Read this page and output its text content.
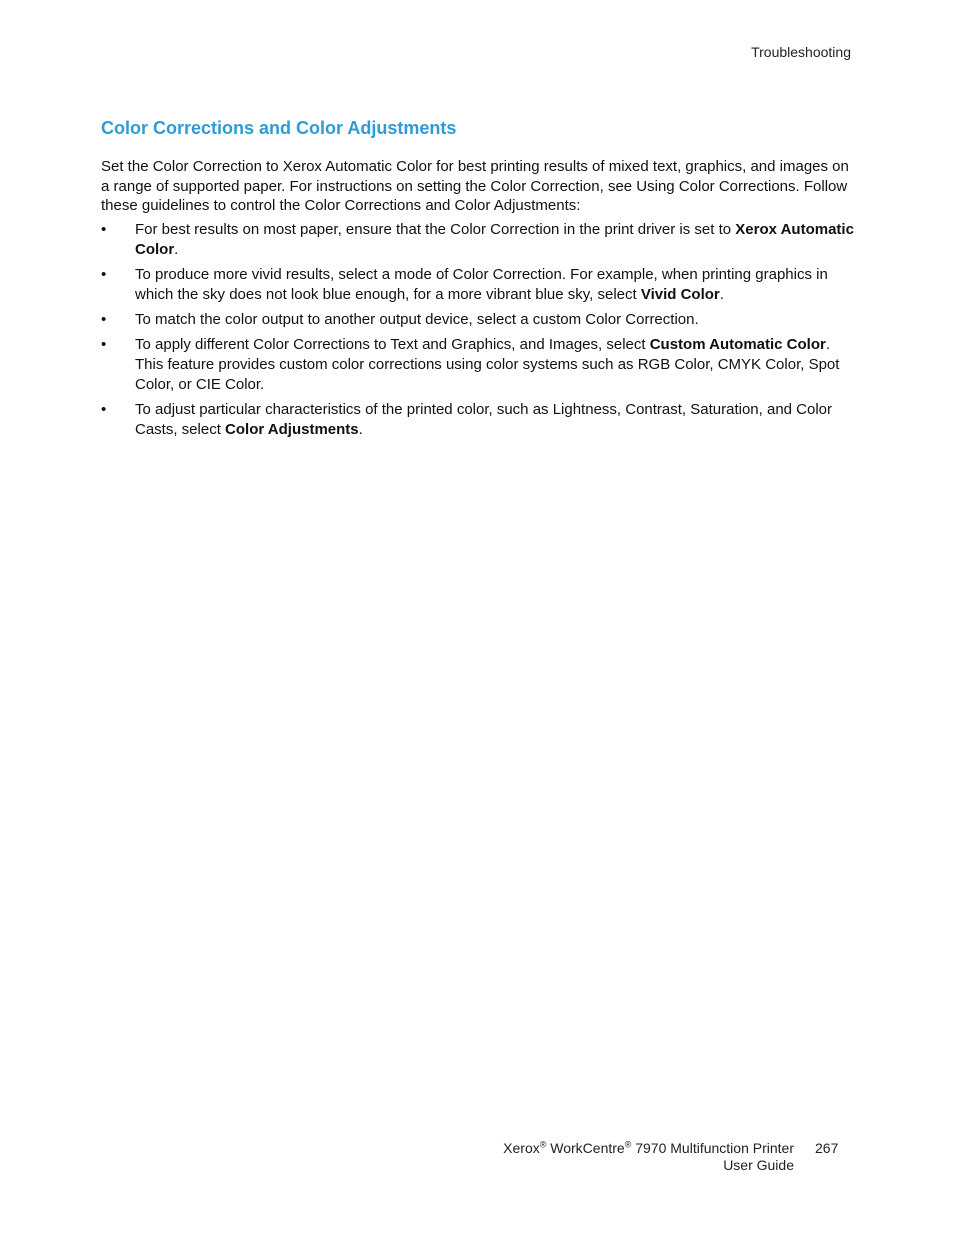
Troubleshooting
Color Corrections and Color Adjustments

Set the Color Correction to Xerox Automatic Color for best printing results of mixed text, graphics, and images on a range of supported paper. For instructions on setting the Color Correction, see Using Color Corrections. Follow these guidelines to control the Color Corrections and Color Adjustments:

•	For best results on most paper, ensure that the Color Correction in the print driver is set to Xerox Automatic Color.
•	To produce more vivid results, select a mode of Color Correction. For example, when printing graphics in which the sky does not look blue enough, for a more vibrant blue sky, select Vivid Color.
•	To match the color output to another output device, select a custom Color Correction.
•	To apply different Color Corrections to Text and Graphics, and Images, select Custom Automatic Color. This feature provides custom color corrections using color systems such as RGB Color, CMYK Color, Spot Color, or CIE Color.
•	To adjust particular characteristics of the printed color, such as Lightness, Contrast, Saturation, and Color Casts, select Color Adjustments.
Xerox® WorkCentre® 7970 Multifunction Printer
User Guide
267
